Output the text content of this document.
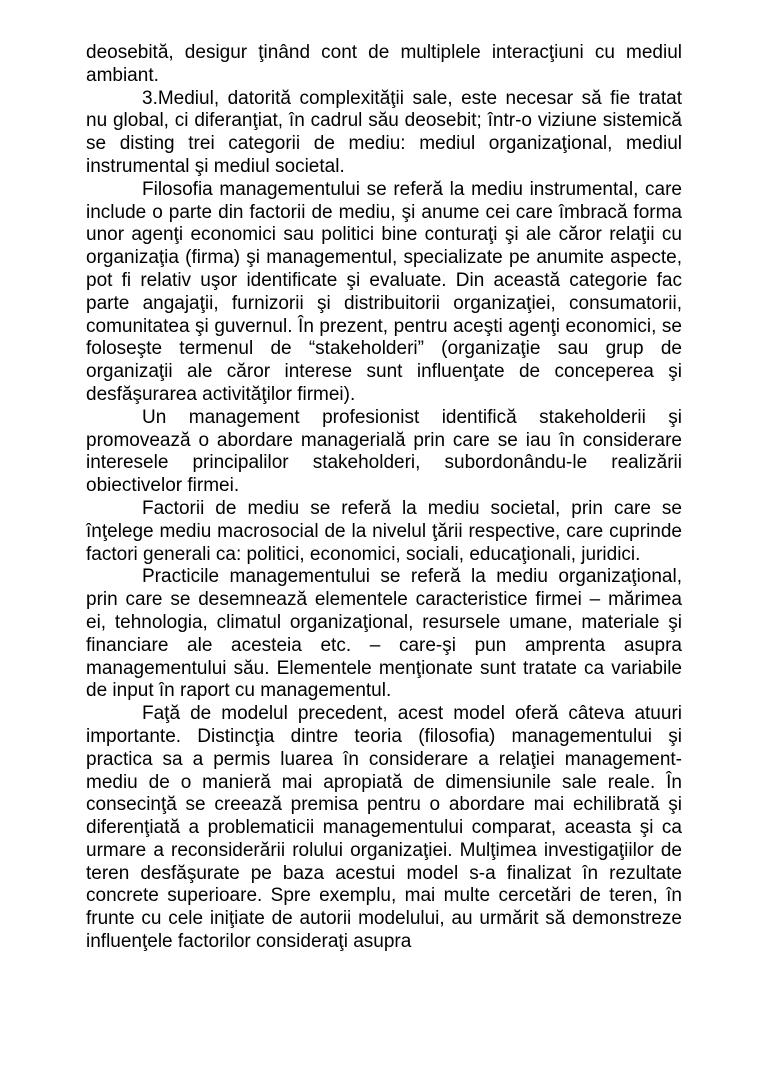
deosebită, desigur ţinând cont de multiplele interacţiuni cu mediul ambiant.

3.Mediul, datorită complexităţii sale, este necesar să fie tratat nu global, ci diferanţiat, în cadrul său deosebit; într-o viziune sistemică se disting trei categorii de mediu: mediul organizaţional, mediul instrumental şi mediul societal.

Filosofia managementului se referă la mediu instrumental, care include o parte din factorii de mediu, şi anume cei care îmbracă forma unor agenţi economici sau politici bine conturaţi şi ale căror relaţii cu organizaţia (firma) şi managementul, specializate pe anumite aspecte, pot fi relativ uşor identificate şi evaluate. Din această categorie fac parte angajaţii, furnizorii şi distribuitorii organizaţiei, consumatorii, comunitatea şi guvernul. În prezent, pentru aceşti agenţi economici, se foloseşte termenul de “stakeholderi” (organizaţie sau grup de organizaţii ale căror interese sunt influenţate de conceperea şi desfăşurarea activităţilor firmei).

Un management profesionist identifică stakeholderii şi promovează o abordare managerială prin care se iau în considerare interesele principalilor stakeholderi, subordonându-le realizării obiectivelor firmei.

Factorii de mediu se referă la mediu societal, prin care se înţelege mediu macrosocial de la nivelul ţării respective, care cuprinde factori generali ca: politici, economici, sociali, educaţionali, juridici.

Practicile managementului se referă la mediu organizaţional, prin care se desemnează elementele caracteristice firmei – mărimea ei, tehnologia, climatul organizaţional, resursele umane, materiale şi financiare ale acesteia etc. – care-şi pun amprenta asupra managementului său. Elementele menţionate sunt tratate ca variabile de input în raport cu managementul.

Faţă de modelul precedent, acest model oferă câteva atuuri importante. Distincţia dintre teoria (filosofia) managementului şi practica sa a permis luarea în considerare a relaţiei management-mediu de o manieră mai apropiată de dimensiunile sale reale. În consecinţă se creează premisa pentru o abordare mai echilibrată şi diferenţiată a problematicii managementului comparat, aceasta şi ca urmare a reconsiderării rolului organizaţiei. Mulţimea investigaţiilor de teren desfăşurate pe baza acestui model s-a finalizat în rezultate concrete superioare. Spre exemplu, mai multe cercetări de teren, în frunte cu cele iniţiate de autorii modelului, au urmărit să demonstreze influenţele factorilor consideraţi asupra
